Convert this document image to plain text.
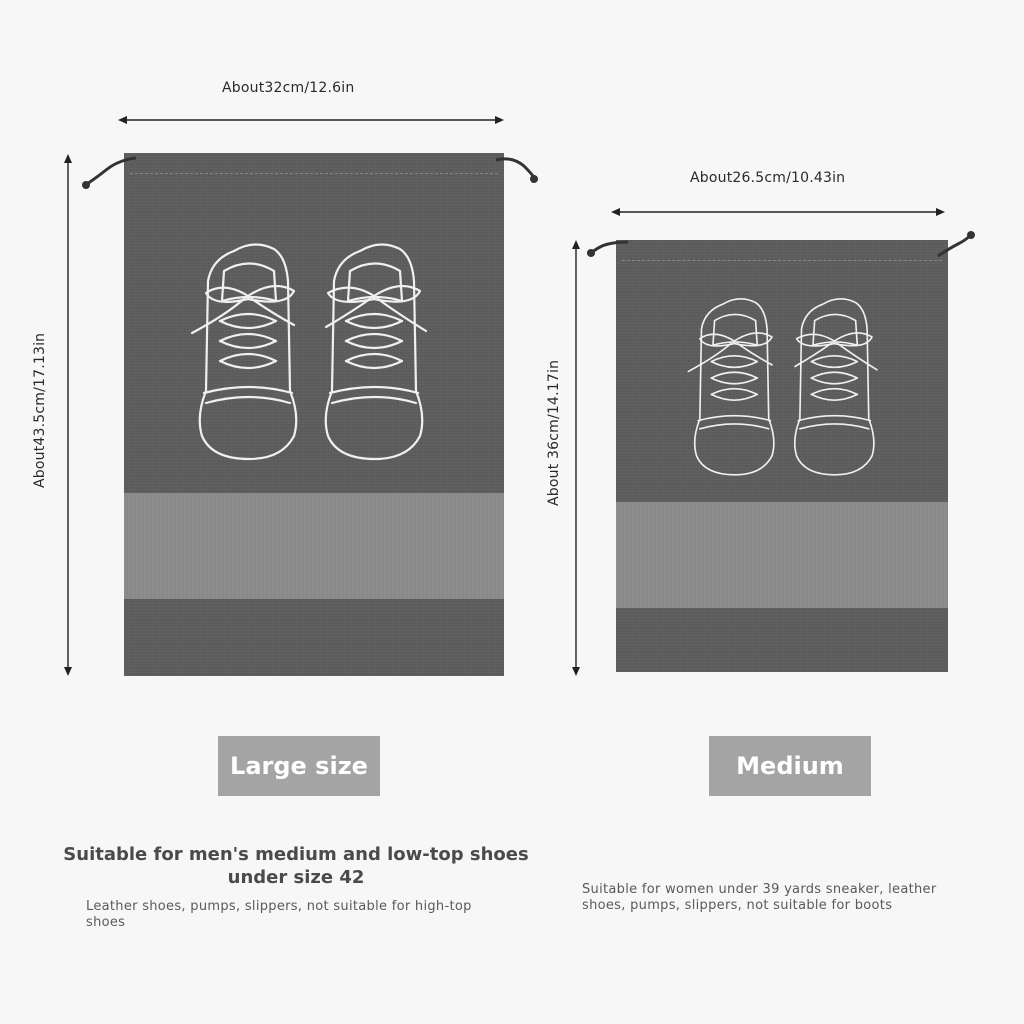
About32cm/12.6in
About43.5cm/17.13in
About26.5cm/10.43in
About 36cm/14.17in
Large size	Medium
Suitable for men's medium and low-top shoes under size 42
Leather shoes, pumps, slippers, not suitable for high-top shoes
Suitable for women under 39 yards sneaker, leather shoes, pumps, slippers, not suitable for boots
